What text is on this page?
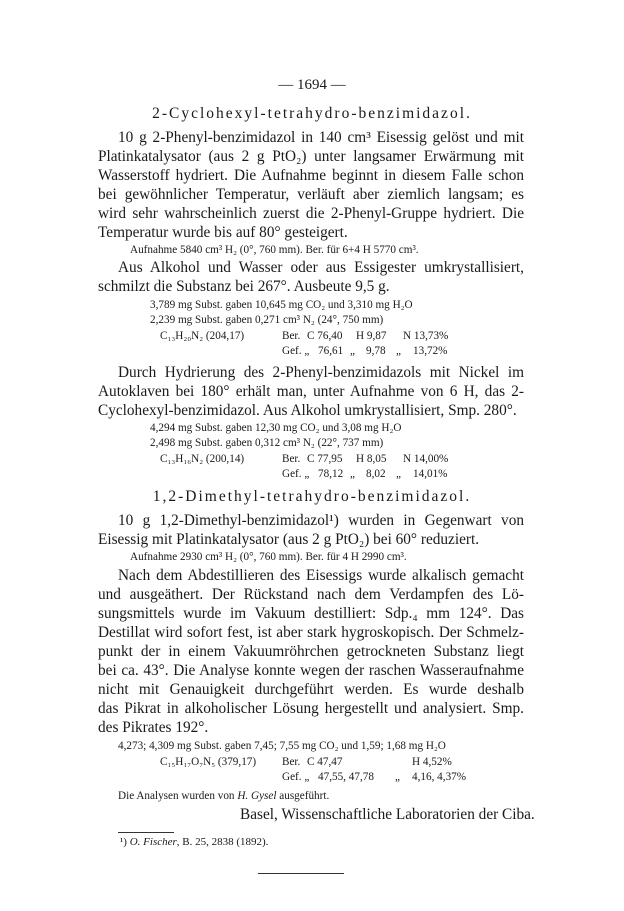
— 1694 —
2-Cyclohexyl-tetrahydro-benzimidazol.
10 g 2-Phenyl-benzimidazol in 140 cm³ Eisessig gelöst und mit
Platinkatalysator (aus 2 g PtO₂) unter langsamer Erwärmung mit
Wasserstoff hydriert. Die Aufnahme beginnt in diesem Falle schon
bei gewöhnlicher Temperatur, verläuft aber ziemlich langsam; es
wird sehr wahrscheinlich zuerst die 2-Phenyl-Gruppe hydriert. Die
Temperatur wurde bis auf 80° gesteigert.
Aufnahme 5840 cm³ H₂ (0°, 760 mm). Ber. für 6+4 H 5770 cm³.
Aus Alkohol und Wasser oder aus Essigester umkrystallisiert,
schmilzt die Substanz bei 267°. Ausbeute 9,5 g.
3,789 mg Subst. gaben 10,645 mg CO₂ und 3,310 mg H₂O
2,239 mg Subst. gaben 0,271 cm³ N₂ (24°, 750 mm)
C₁₃H₂₀N₂ (204,17)	Ber. C 76,40 H 9,87 N 13,73%
Gef. „ 76,61 „ 9,78 „ 13,72%
Durch Hydrierung des 2-Phenyl-benzimidazols mit Nickel im
Autoklaven bei 180° erhält man, unter Aufnahme von 6 H, das 2-
Cyclohexyl-benzimidazol. Aus Alkohol umkrystallisiert, Smp. 280°.
4,294 mg Subst. gaben 12,30 mg CO₂ und 3,08 mg H₂O
2,498 mg Subst. gaben 0,312 cm³ N₂ (22°, 737 mm)
C₁₃H₁₆N₂ (200,14)	Ber. C 77,95 H 8,05 N 14,00%
Gef. „ 78,12 „ 8,02 „ 14,01%
1,2-Dimethyl-tetrahydro-benzimidazol.
10 g 1,2-Dimethyl-benzimidazol¹) wurden in Gegenwart von
Eisessig mit Platinkatalysator (aus 2 g PtO₂) bei 60° reduziert.
Aufnahme 2930 cm³ H₂ (0°, 760 mm). Ber. für 4 H 2990 cm³.
Nach dem Abdestillieren des Eisessigs wurde alkalisch gemacht
und ausgeäthert. Der Rückstand nach dem Verdampfen des Lö-
sungsmittels wurde im Vakuum destilliert: Sdp.₄ mm 124°. Das
Destillat wird sofort fest, ist aber stark hygroskopisch. Der Schmelz-
punkt der in einem Vakuumröhrchen getrockneten Substanz liegt
bei ca. 43°. Die Analyse konnte wegen der raschen Wasseraufnahme
nicht mit Genauigkeit durchgeführt werden. Es wurde deshalb
das Pikrat in alkoholischer Lösung hergestellt und analysiert. Smp.
des Pikrates 192°.
4,273; 4,309 mg Subst. gaben 7,45; 7,55 mg CO₂ und 1,59; 1,68 mg H₂O
C₁₅H₁₇O₇N₅ (379,17) Ber. C 47,47	H 4,52%
Gef. „ 47,55, 47,78 „ 4,16, 4,37%
Die Analysen wurden von H. Gysel ausgeführt.
Basel, Wissenschaftliche Laboratorien der Ciba.
¹) O. Fischer, B. 25, 2838 (1892).
